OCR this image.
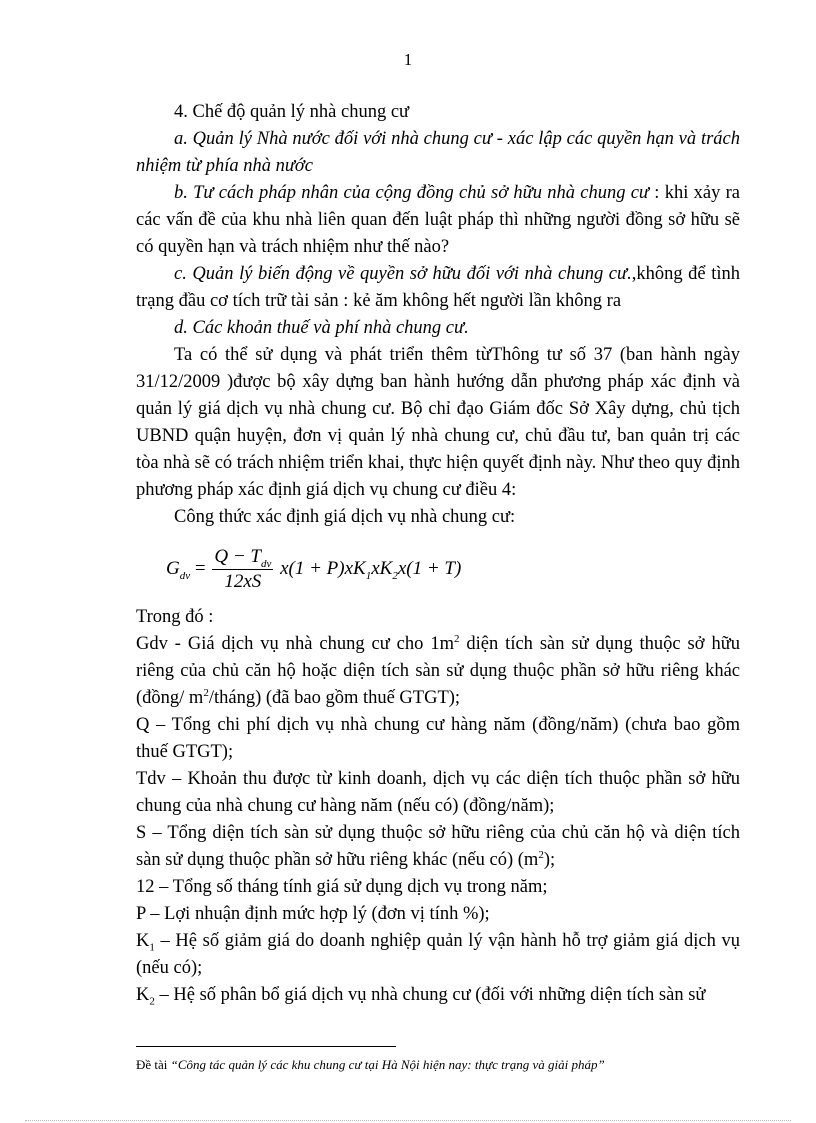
1

4. Chế độ quản lý nhà chung cư

a. Quản lý Nhà nước đối với nhà chung cư - xác lập các quyền hạn và trách nhiệm từ phía nhà nước

b. Tư cách pháp nhân của cộng đồng chủ sở hữu nhà chung cư : khi xảy ra các vấn đề của khu nhà liên quan đến luật pháp thì những người đồng sở hữu sẽ có quyền hạn và trách nhiệm như thế nào?

c. Quản lý biến động về quyền sở hữu đối với nhà chung cư.,không để tình trạng đầu cơ tích trữ tài sản : kẻ ăm không hết người lần không ra

d. Các khoản thuế và phí nhà chung cư.

Ta có thể sử dụng và phát triển thêm từThông tư số 37 (ban hành ngày 31/12/2009 )được bộ xây dựng ban hành hướng dẫn phương pháp xác định và quản lý giá dịch vụ nhà chung cư. Bộ chỉ đạo Giám đốc Sở Xây dựng, chủ tịch UBND quận huyện, đơn vị quản lý nhà chung cư, chủ đầu tư, ban quản trị các tòa nhà sẽ có trách nhiệm triển khai, thực hiện quyết định này. Như theo quy định phương pháp xác định giá dịch vụ chung cư điều 4:

Công thức xác định giá dịch vụ nhà chung cư:

$G_{dv} = \frac{Q - T_{dv}}{12xS} x(1 + P)xK_1xK_2x(1 + T)$

Trong đó :

Gdv - Giá dịch vụ nhà chung cư cho $1m^2$ diện tích sàn sử dụng thuộc sở hữu riêng của chủ căn hộ hoặc diện tích sàn sử dụng thuộc phần sở hữu riêng khác (đồng/ $m^2/tháng$) (đã bao gồm thuế GTGT);

Q – Tổng chi phí dịch vụ nhà chung cư hàng năm (đồng/năm) (chưa bao gồm thuế GTGT);

Tdv – Khoản thu được từ kinh doanh, dịch vụ các diện tích thuộc phần sở hữu chung của nhà chung cư hàng năm (nếu có) (đồng/năm);

S – Tổng diện tích sàn sử dụng thuộc sở hữu riêng của chủ căn hộ và diện tích sàn sử dụng thuộc phần sở hữu riêng khác (nếu có) $(m^2)$;

12 – Tổng số tháng tính giá sử dụng dịch vụ trong năm;

P – Lợi nhuận định mức hợp lý (đơn vị tính %);

$K_1$ – Hệ số giảm giá do doanh nghiệp quản lý vận hành hỗ trợ giảm giá dịch vụ (nếu có);

$K_2$ – Hệ số phân bổ giá dịch vụ nhà chung cư (đối với những diện tích sàn sử

Đề tài “Công tác quản lý các khu chung cư tại Hà Nội hiện nay: thực trạng và giải pháp”
